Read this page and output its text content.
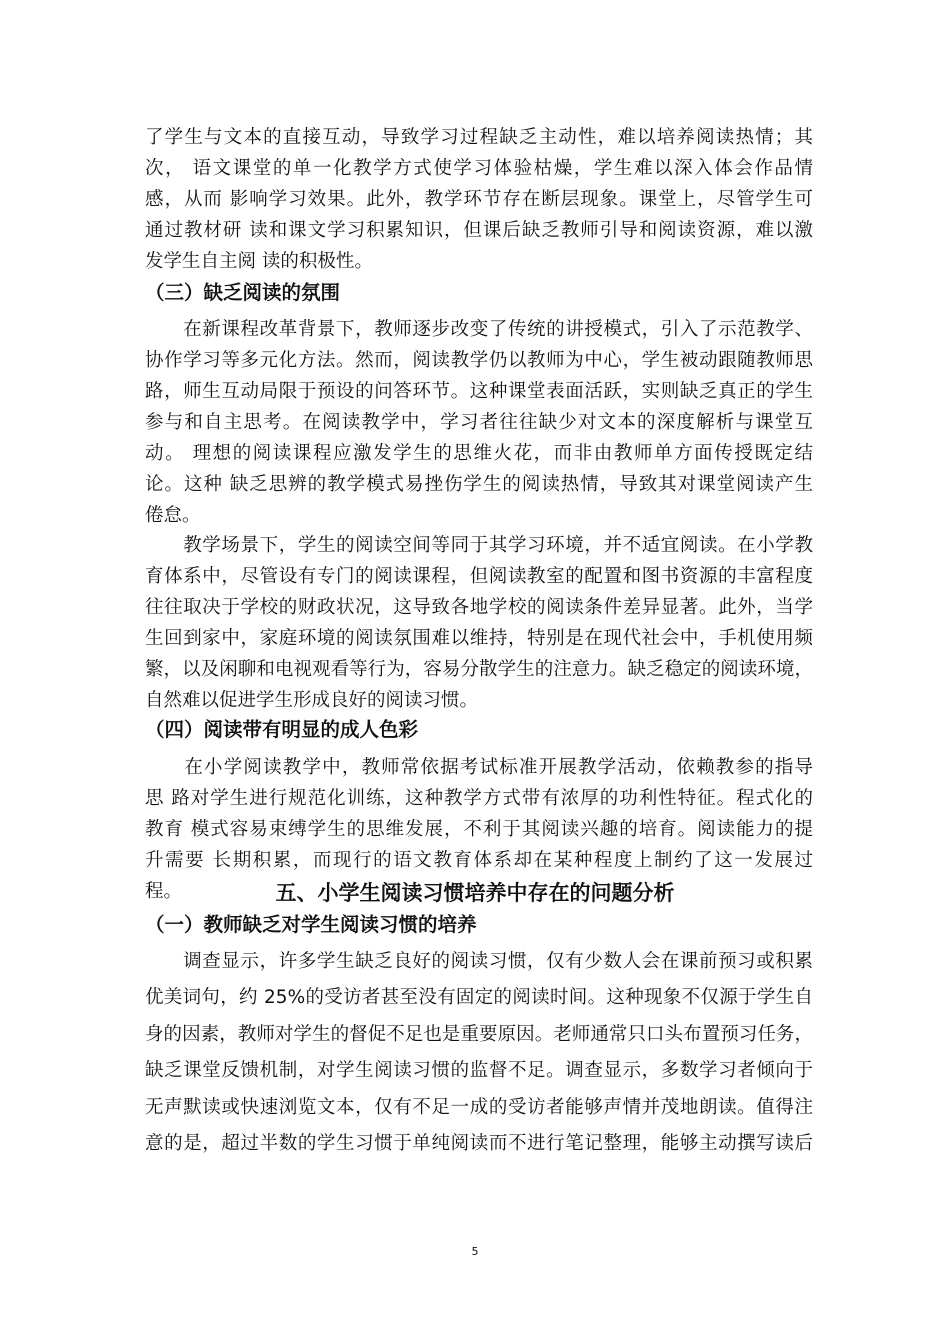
了学生与文本的直接互动，导致学习过程缺乏主动性，难以培养阅读热情；其
次， 语文课堂的单一化教学方式使学习体验枯燥，学生难以深入体会作品情
感，从而 影响学习效果。此外，教学环节存在断层现象。课堂上，尽管学生可
通过教材研 读和课文学习积累知识，但课后缺乏教师引导和阅读资源，难以激
发学生自主阅 读的积极性。
（三）缺乏阅读的氛围
　　在新课程改革背景下，教师逐步改变了传统的讲授模式，引入了示范教学、
协作学习等多元化方法。然而，阅读教学仍以教师为中心，学生被动跟随教师思
路，师生互动局限于预设的问答环节。这种课堂表面活跃，实则缺乏真正的学生
参与和自主思考。在阅读教学中，学习者往往缺少对文本的深度解析与课堂互
动。 理想的阅读课程应激发学生的思维火花，而非由教师单方面传授既定结
论。这种 缺乏思辨的教学模式易挫伤学生的阅读热情，导致其对课堂阅读产生
倦怠。
　　教学场景下，学生的阅读空间等同于其学习环境，并不适宜阅读。在小学教
育体系中，尽管设有专门的阅读课程，但阅读教室的配置和图书资源的丰富程度
往往取决于学校的财政状况，这导致各地学校的阅读条件差异显著。此外，当学
生回到家中，家庭环境的阅读氛围难以维持，特别是在现代社会中，手机使用频
繁，以及闲聊和电视观看等行为，容易分散学生的注意力。缺乏稳定的阅读环境，
自然难以促进学生形成良好的阅读习惯。
（四）阅读带有明显的成人色彩
　　在小学阅读教学中，教师常依据考试标准开展教学活动，依赖教参的指导
思 路对学生进行规范化训练，这种教学方式带有浓厚的功利性特征。程式化的
教育 模式容易束缚学生的思维发展，不利于其阅读兴趣的培育。阅读能力的提
升需要 长期积累，而现行的语文教育体系却在某种程度上制约了这一发展过
程。	五、小学生阅读习惯培养中存在的问题分析
（一）教师缺乏对学生阅读习惯的培养
　　调查显示，许多学生缺乏良好的阅读习惯，仅有少数人会在课前预习或积累
优美词句，约 25%的受访者甚至没有固定的阅读时间。这种现象不仅源于学生自
身的因素，教师对学生的督促不足也是重要原因。老师通常只口头布置预习任务，
缺乏课堂反馈机制，对学生阅读习惯的监督不足。调查显示，多数学习者倾向于
无声默读或快速浏览文本，仅有不足一成的受访者能够声情并茂地朗读。值得注
意的是，超过半数的学生习惯于单纯阅读而不进行笔记整理，能够主动撰写读后
5
